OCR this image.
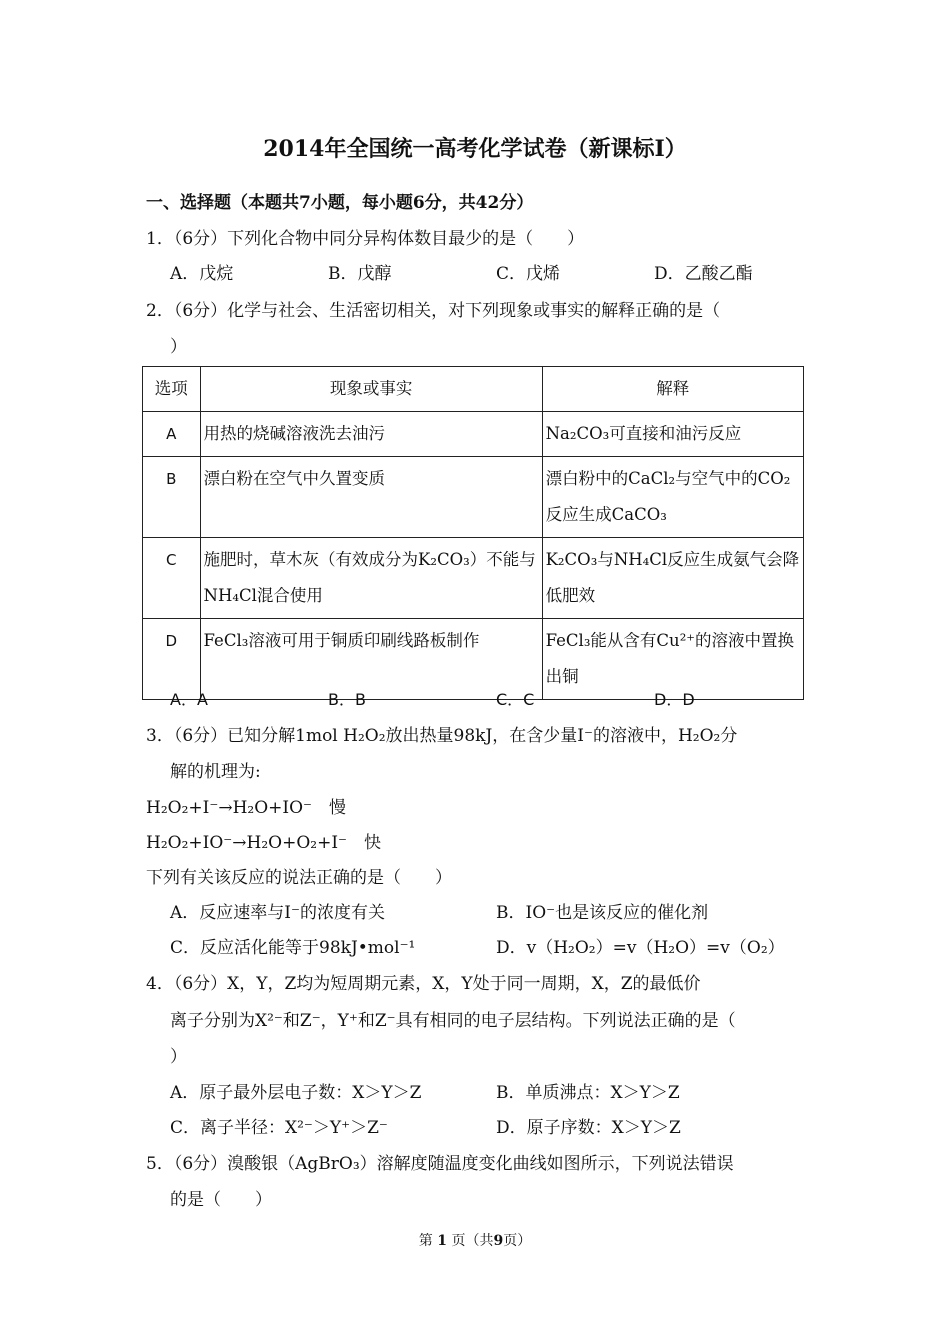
2014年全国统一高考化学试卷（新课标Ⅰ）
一、选择题（本题共7小题，每小题6分，共42分）
1．（6分）下列化合物中同分异构体数目最少的是（　　）
A．戊烷	B．戊醇	C．戊烯	D．乙酸乙酯
2．（6分）化学与社会、生活密切相关，对下列现象或事实的解释正确的是（
）
选项	现象或事实	解释
A	用热的烧碱溶液洗去油污	Na₂CO₃可直接和油污反应
B	漂白粉在空气中久置变质	漂白粉中的CaCl₂与空气中的CO₂反应生成CaCO₃
C	施肥时，草木灰（有效成分为K₂CO₃）不能与NH₄Cl混合使用	K₂CO₃与NH₄Cl反应生成氨气会降低肥效
D	FeCl₃溶液可用于铜质印刷线路板制作	FeCl₃能从含有Cu²⁺的溶液中置换出铜
A．A	B．B	C．C	D．D
3．（6分）已知分解1mol H₂O₂放出热量98kJ，在含少量I⁻的溶液中，H₂O₂分
解的机理为:
H₂O₂+I⁻→H₂O+IO⁻　慢
H₂O₂+IO⁻→H₂O+O₂+I⁻　快
下列有关该反应的说法正确的是（　　）
A．反应速率与I⁻的浓度有关	B．IO⁻也是该反应的催化剂
C．反应活化能等于98kJ•mol⁻¹	D．v（H₂O₂）=v（H₂O）=v（O₂）
4．（6分）X，Y，Z均为短周期元素，X，Y处于同一周期，X，Z的最低价
离子分别为X²⁻和Z⁻，Y⁺和Z⁻具有相同的电子层结构。下列说法正确的是（
）
A．原子最外层电子数：X＞Y＞Z	B．单质沸点：X＞Y＞Z
C．离子半径：X²⁻＞Y⁺＞Z⁻	D．原子序数：X＞Y＞Z
5．（6分）溴酸银（AgBrO₃）溶解度随温度变化曲线如图所示，下列说法错误
的是（　　）
第 1 页（共9页）
